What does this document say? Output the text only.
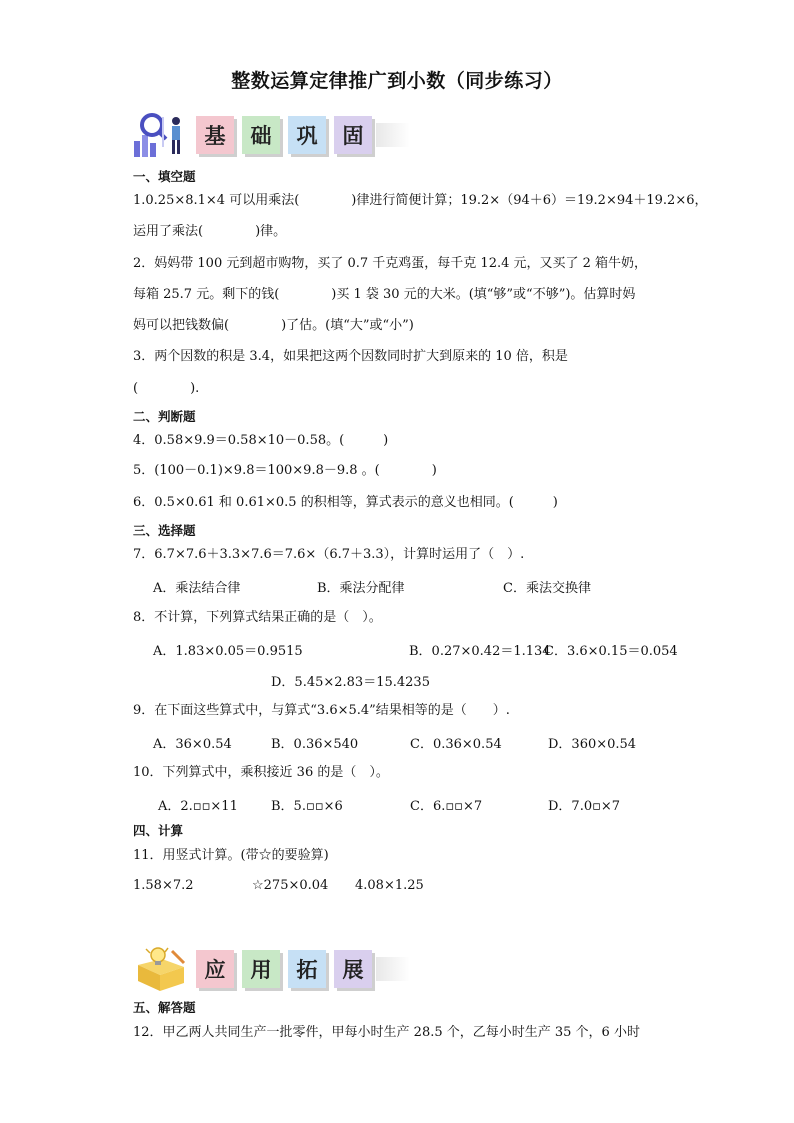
整数运算定律推广到小数（同步练习）
基	础	巩	固
一、填空题
1.0.25×8.1×4 可以用乘法(　　　　)律进行简便计算；19.2×（94＋6）＝19.2×94＋19.2×6，
运用了乘法(　　　　)律。
2．妈妈带 100 元到超市购物，买了 0.7 千克鸡蛋，每千克 12.4 元，又买了 2 箱牛奶，
每箱 25.7 元。剩下的钱(　　　　)买 1 袋 30 元的大米。(填“够”或“不够”)。估算时妈
妈可以把钱数偏(　　　　)了估。(填“大”或“小”)
3．两个因数的积是 3.4，如果把这两个因数同时扩大到原来的 10 倍，积是
(　　　　).
二、判断题
4．0.58×9.9＝0.58×10－0.58。(　　　)
5．(100－0.1)×9.8＝100×9.8－9.8 。(　　　　)
6．0.5×0.61 和 0.61×0.5 的积相等，算式表示的意义也相同。(　　　)
三、选择题
7．6.7×7.6＋3.3×7.6＝7.6×（6.7＋3.3），计算时运用了（　）.
A．乘法结合律	B．乘法分配律	C．乘法交换律
8．不计算，下列算式结果正确的是（　）。
A．1.83×0.05＝0.9515	B．0.27×0.42＝1.134
C．3.6×0.15＝0.054
D．5.45×2.83＝15.4235
9．在下面这些算式中，与算式“3.6×5.4”结果相等的是（　　）.
A．36×0.54	B．0.36×540	C．0.36×0.54	D．360×0.54
10．下列算式中，乘积接近 36 的是（　）。
A．2.▫▫×11	B．5.▫▫×6	C．6.▫▫×7	D．7.0▫×7
四、计算
11．用竖式计算。(带☆的要验算)
1.58×7.2	☆275×0.04 4.08×1.25
应	用	拓	展
五、解答题
12．甲乙两人共同生产一批零件，甲每小时生产 28.5 个，乙每小时生产 35 个，6 小时
